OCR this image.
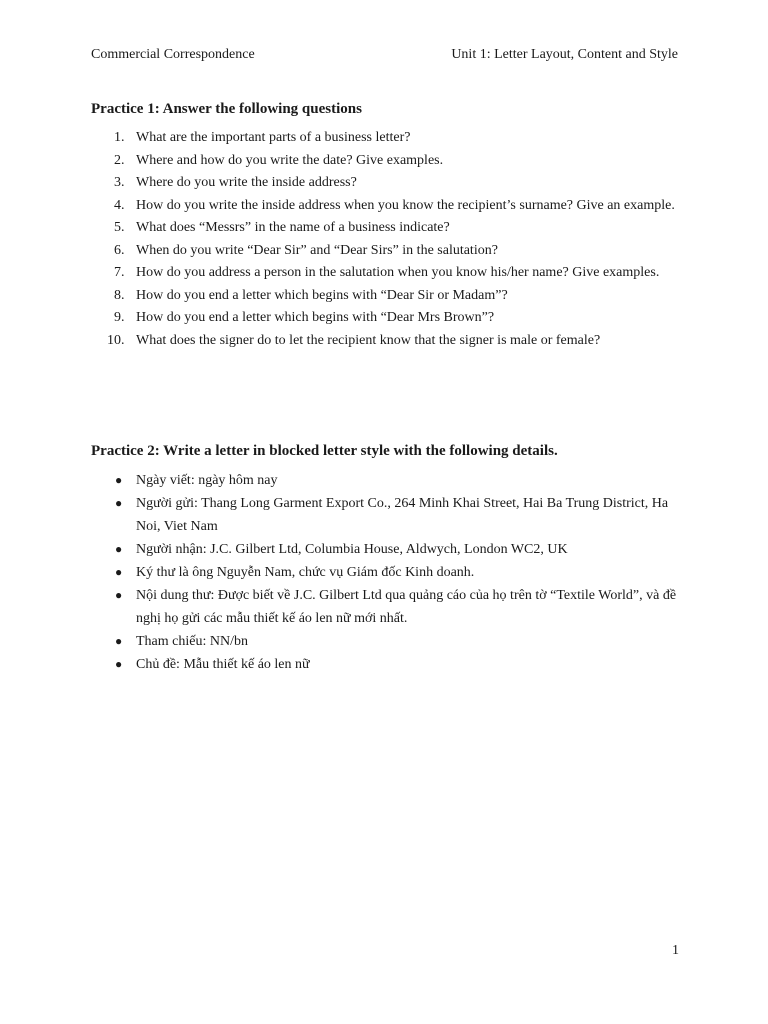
Commercial Correspondence	Unit 1: Letter Layout, Content and Style
Practice 1: Answer the following questions
1. What are the important parts of a business letter?
2. Where and how do you write the date? Give examples.
3. Where do you write the inside address?
4. How do you write the inside address when you know the recipient’s surname? Give an example.
5. What does “Messrs” in the name of a business indicate?
6. When do you write “Dear Sir” and “Dear Sirs” in the salutation?
7. How do you address a person in the salutation when you know his/her name? Give examples.
8. How do you end a letter which begins with “Dear Sir or Madam”?
9. How do you end a letter which begins with “Dear Mrs Brown”?
10. What does the signer do to let the recipient know that the signer is male or female?
Practice 2: Write a letter in blocked letter style with the following details.
● Ngày viết: ngày hôm nay
● Người gửi: Thang Long Garment Export Co., 264 Minh Khai Street, Hai Ba Trung District, Ha Noi, Viet Nam
● Người nhận: J.C. Gilbert Ltd, Columbia House, Aldwych, London WC2, UK
● Ký thư là ông Nguyễn Nam, chức vụ Giám đốc Kinh doanh.
● Nội dung thư: Được biết về J.C. Gilbert Ltd qua quảng cáo của họ trên tờ “Textile World”, và đề nghị họ gửi các mẫu thiết kế áo len nữ mới nhất.
● Tham chiếu: NN/bn
● Chủ đề: Mẫu thiết kế áo len nữ
1
